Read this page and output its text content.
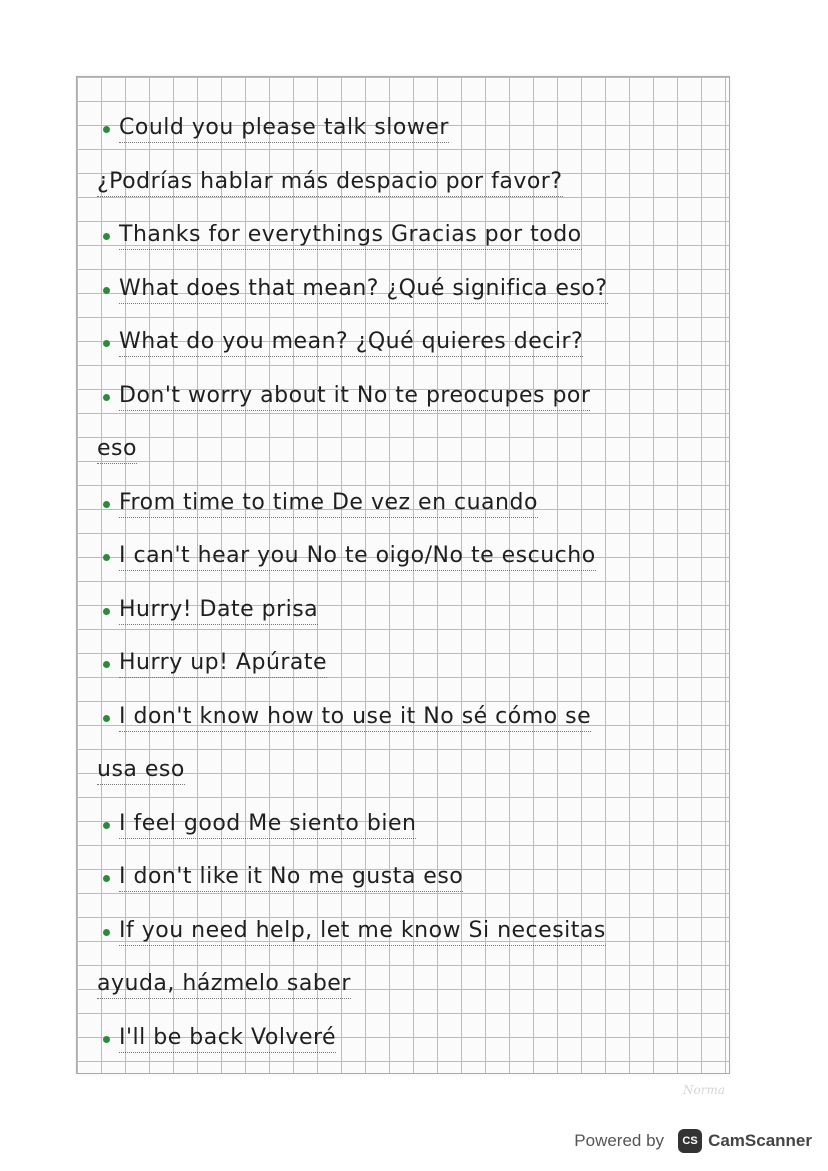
Could you please talk slower
¿Podrías hablar más despacio por favor?
Thanks for everythings Gracias por todo
What does that mean? ¿Qué significa eso?
What do you mean? ¿Qué quieres decir?
Don't worry about it No te preocupes por
eso
From time to time De vez en cuando
I can't hear you No te oigo/No te escucho
Hurry! Date prisa
Hurry up! Apúrate
I don't know how to use it No sé cómo se
usa eso
I feel good Me siento bien
I don't like it No me gusta eso
If you need help, let me know Si necesitas
ayuda, házmelo saber
I'll be back Volveré
Norma
Powered by	CS CamScanner
